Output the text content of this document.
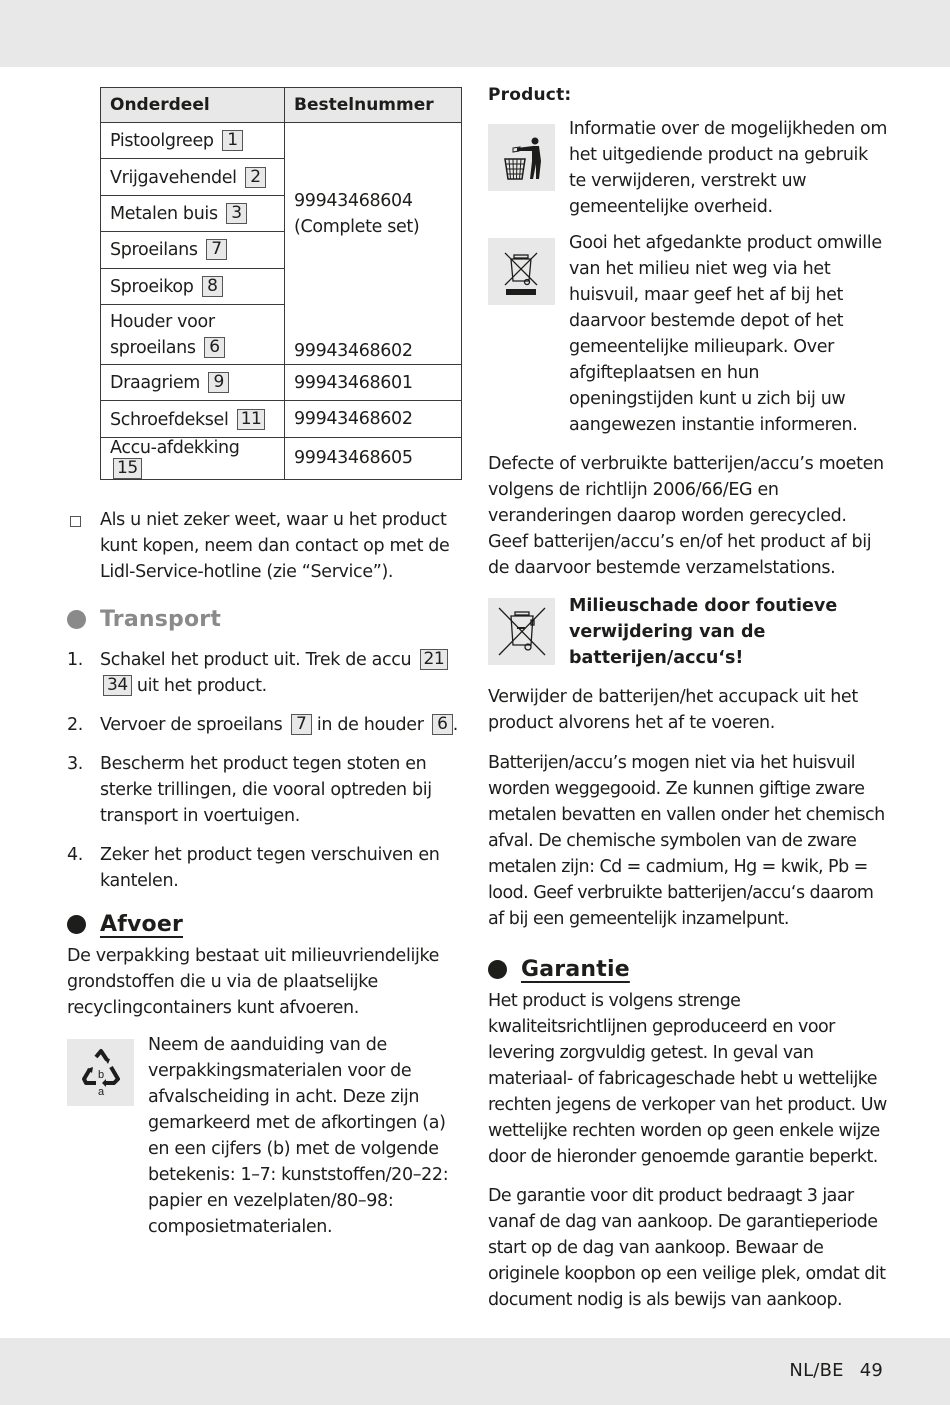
Onderdeel	Bestelnummer
Pistoolgreep 1	99943468604
(Complete set)

Vrijgavehendel 2	
Metalen buis 3	
Sproeilans 7	
Sproeikop 8	

Houder voor
sproeilans 6	99943468602
Draagriem 9	99943468601
Schroefdeksel 11	99943468602
Accu-afdekking 15	99943468605

Als u niet zeker weet, waar u het product kunt kopen, neem dan contact op met de Lidl-Service-hotline (zie “Service”).

Transport
1. Schakel het product uit. Trek de accu 2134 uit het product.
2. Vervoer de sproeilans 7 in de houder 6 .
3. Bescherm het product tegen stoten en sterke trillingen, die vooral optreden bij transport in voertuigen.
4. Zeker het product tegen verschuiven en kantelen.
Afvoer

De verpakking bestaat uit milieuvriendelijke grondstoffen die u via de plaatselijke recyclingcontainers kunt afvoeren.

b
a

Neem de aanduiding van de verpakkingsmaterialen voor de afvalscheiding in acht. Deze zijn gemarkeerd met de afkortingen (a) en een cijfers (b) met de volgende betekenis: 1–7: kunststoffen/20–22: papier en vezelplaten/80–98: composietmaterialen.

Product:

Informatie over de mogelijkheden om het uitgediende product na gebruik te verwijderen, verstrekt uw gemeentelijke overheid.

Gooi het afgedankte product omwille van het milieu niet weg via het huisvuil, maar geef het af bij het daarvoor bestemde depot of het gemeentelijke milieupark. Over afgifteplaatsen en hun openingstijden kunt u zich bij uw aangewezen instantie informeren.

Defecte of verbruikte batterijen/accu’s moeten volgens de richtlijn 2006/66/EG en veranderingen daarop worden gerecycled. Geef batterijen/accu’s en/of het product af bij de daarvoor bestemde verzamelstations.

Milieuschade door foutieve verwijdering van de batterijen/accu‘s!

Verwijder de batterijen/het accupack uit het product alvorens het af te voeren.

Batterijen/accu’s mogen niet via het huisvuil worden weggegooid. Ze kunnen giftige zware metalen bevatten en vallen onder het chemisch afval. De chemische symbolen van de zware metalen zijn: Cd = cadmium, Hg = kwik, Pb = lood. Geef verbruikte batterijen/accu‘s daarom af bij een gemeentelijk inzamelpunt.

Garantie

Het product is volgens strenge kwaliteitsrichtlijnen geproduceerd en voor levering zorgvuldig getest. In geval van materiaal- of fabricageschade hebt u wettelijke rechten jegens de verkoper van het product. Uw wettelijke rechten worden op geen enkele wijze door de hieronder genoemde garantie beperkt.

De garantie voor dit product bedraagt 3 jaar vanaf de dag van aankoop. De garantieperiode start op de dag van aankoop. Bewaar de originele koopbon op een veilige plek, omdat dit document nodig is als bewijs van aankoop.

NL/BE 49
